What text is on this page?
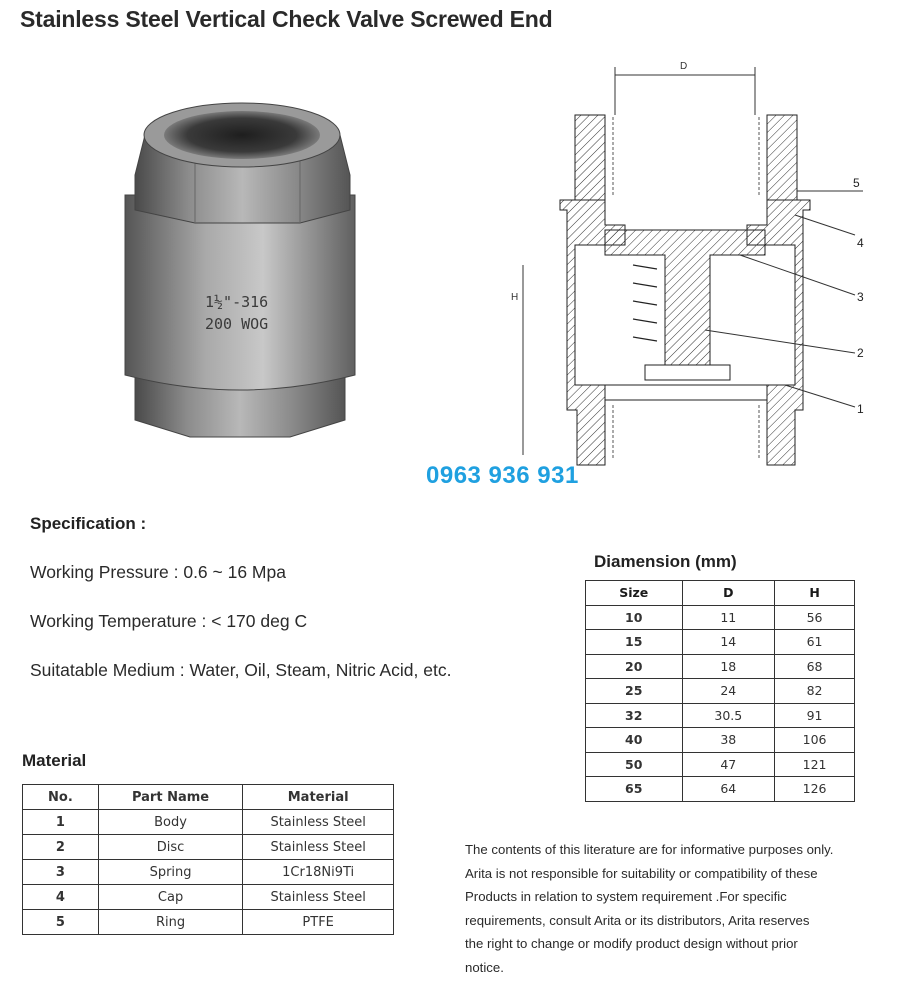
Stainless Steel Vertical Check Valve Screwed End
1½"-316
200 WOG
D
H
5
4
3
2
1
0963 936 931
Specification :
Working Pressure : 0.6 ~ 16 Mpa
Working Temperature : < 170 deg C
Suitatable Medium : Water, Oil, Steam, Nitric Acid, etc.
Diamension (mm)
Size	D	H
10	11	56
15	14	61
20	18	68
25	24	82
32	30.5	91
40	38	106
50	47	121
65	64	126
Material
No.	Part Name	Material
1	Body	Stainless Steel
2	Disc	Stainless Steel
3	Spring	1Cr18Ni9Ti
4	Cap	Stainless Steel
5	Ring	PTFE
The contents of this literature are for informative purposes only.
Arita is not responsible for suitability or compatibility of these
Products in relation to system requirement .For specific
requirements, consult Arita or its distributors, Arita reserves
the right to change or modify product design without prior
notice.
